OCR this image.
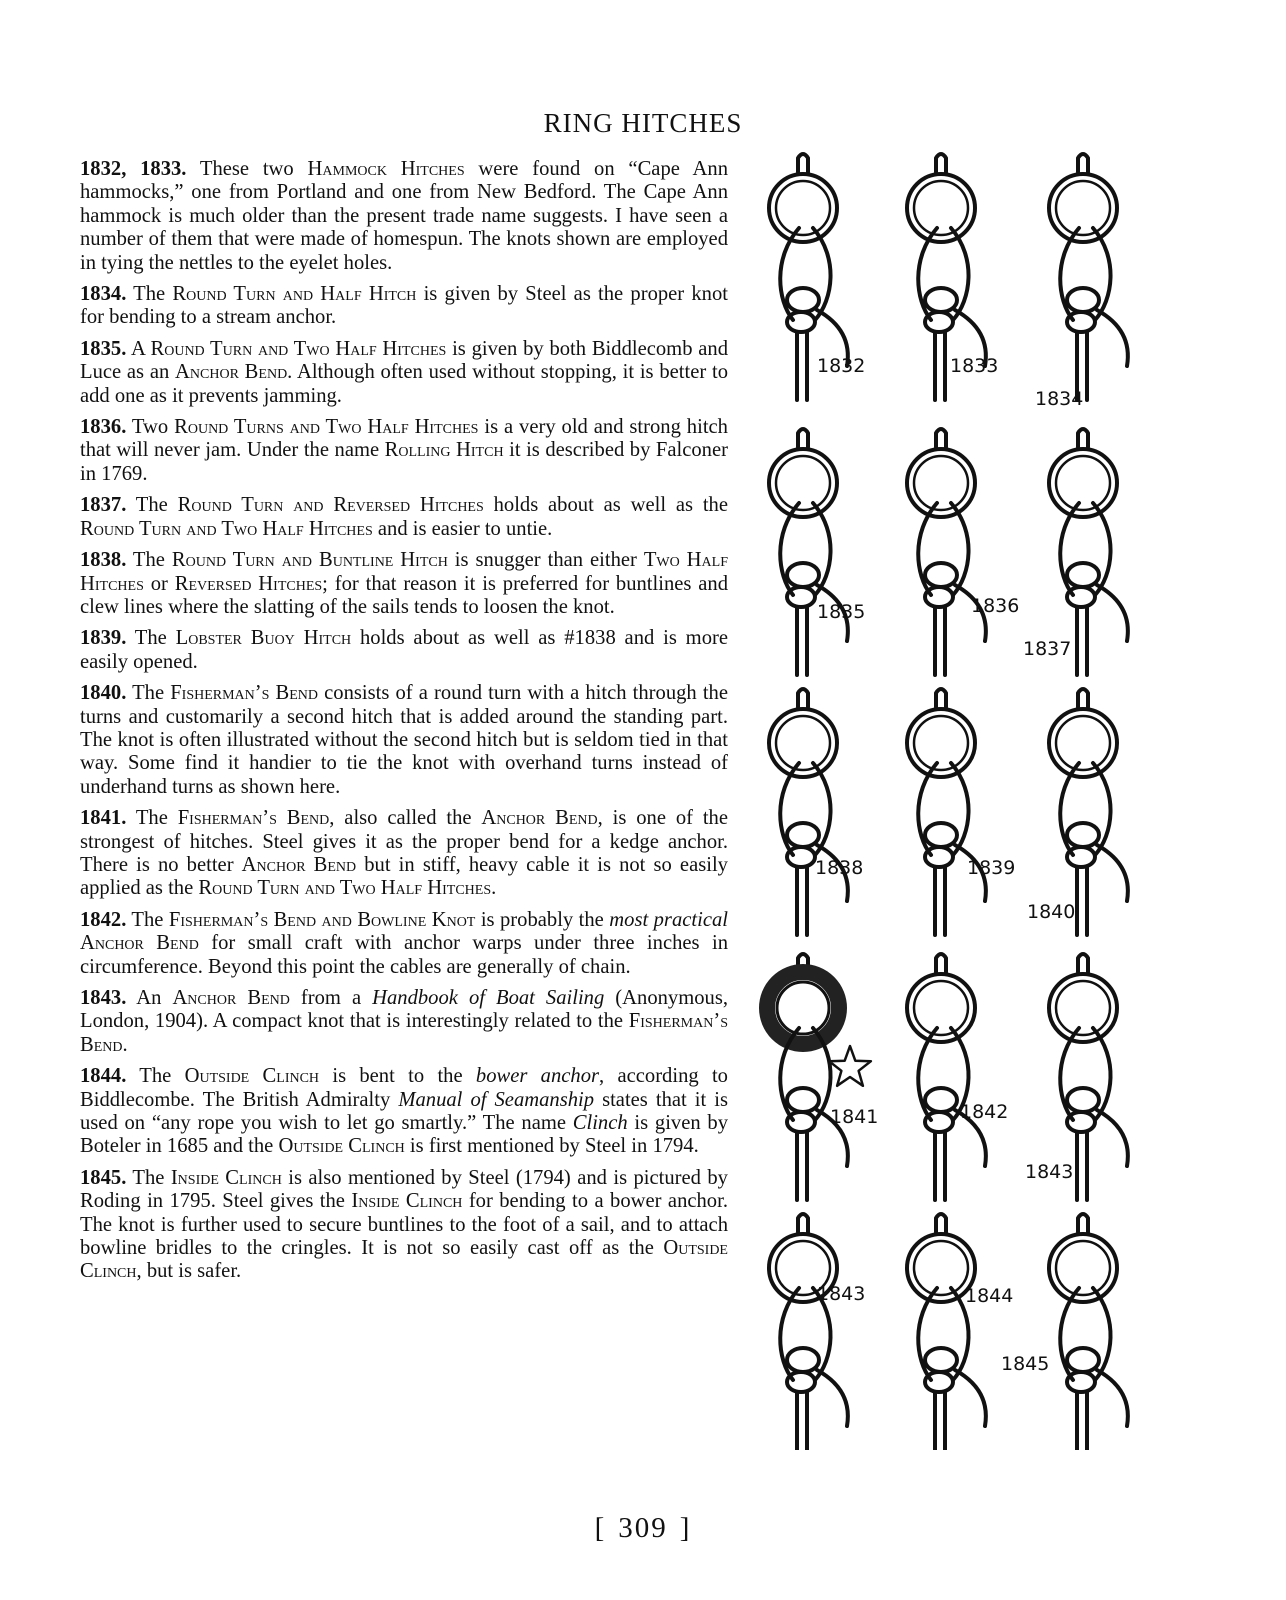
RING HITCHES

1832, 1833. These two Hammock Hitches were found on “Cape Ann hammocks,” one from Portland and one from New Bedford. The Cape Ann hammock is much older than the present trade name suggests. I have seen a number of them that were made of homespun. The knots shown are employed in tying the nettles to the eyelet holes.

1834. The Round Turn and Half Hitch is given by Steel as the proper knot for bending to a stream anchor.

1835. A Round Turn and Two Half Hitches is given by both Biddlecomb and Luce as an Anchor Bend. Although often used without stopping, it is better to add one as it prevents jamming.

1836. Two Round Turns and Two Half Hitches is a very old and strong hitch that will never jam. Under the name Rolling Hitch it is described by Falconer in 1769.

1837. The Round Turn and Reversed Hitches holds about as well as the Round Turn and Two Half Hitches and is easier to untie.

1838. The Round Turn and Buntline Hitch is snugger than either Two Half Hitches or Reversed Hitches; for that reason it is preferred for buntlines and clew lines where the slatting of the sails tends to loosen the knot.

1839. The Lobster Buoy Hitch holds about as well as #1838 and is more easily opened.

1840. The Fisherman’s Bend consists of a round turn with a hitch through the turns and customarily a second hitch that is added around the standing part. The knot is often illustrated without the second hitch but is seldom tied in that way. Some find it handier to tie the knot with overhand turns instead of underhand turns as shown here.

1841. The Fisherman’s Bend, also called the Anchor Bend, is one of the strongest of hitches. Steel gives it as the proper bend for a kedge anchor. There is no better Anchor Bend but in stiff, heavy cable it is not so easily applied as the Round Turn and Two Half Hitches.

1842. The Fisherman’s Bend and Bowline Knot is probably the most practical Anchor Bend for small craft with anchor warps under three inches in circumference. Beyond this point the cables are generally of chain.

1843. An Anchor Bend from a Handbook of Boat Sailing (Anonymous, London, 1904). A compact knot that is interestingly related to the Fisherman’s Bend.

1844. The Outside Clinch is bent to the bower anchor, according to Biddlecombe. The British Admiralty Manual of Seamanship states that it is used on “any rope you wish to let go smartly.” The name Clinch is given by Boteler in 1685 and the Outside Clinch is first mentioned by Steel in 1794.

1845. The Inside Clinch is also mentioned by Steel (1794) and is pictured by Roding in 1795. Steel gives the Inside Clinch for bending to a bower anchor. The knot is further used to secure buntlines to the foot of a sail, and to attach bowline bridles to the cringles. It is not so easily cast off as the Outside Clinch, but is safer.

1832	1833
1834
1835	1836
1837
1838	1839
1840
1841	1842
1843
1843	1844
1845
[ 309 ]
